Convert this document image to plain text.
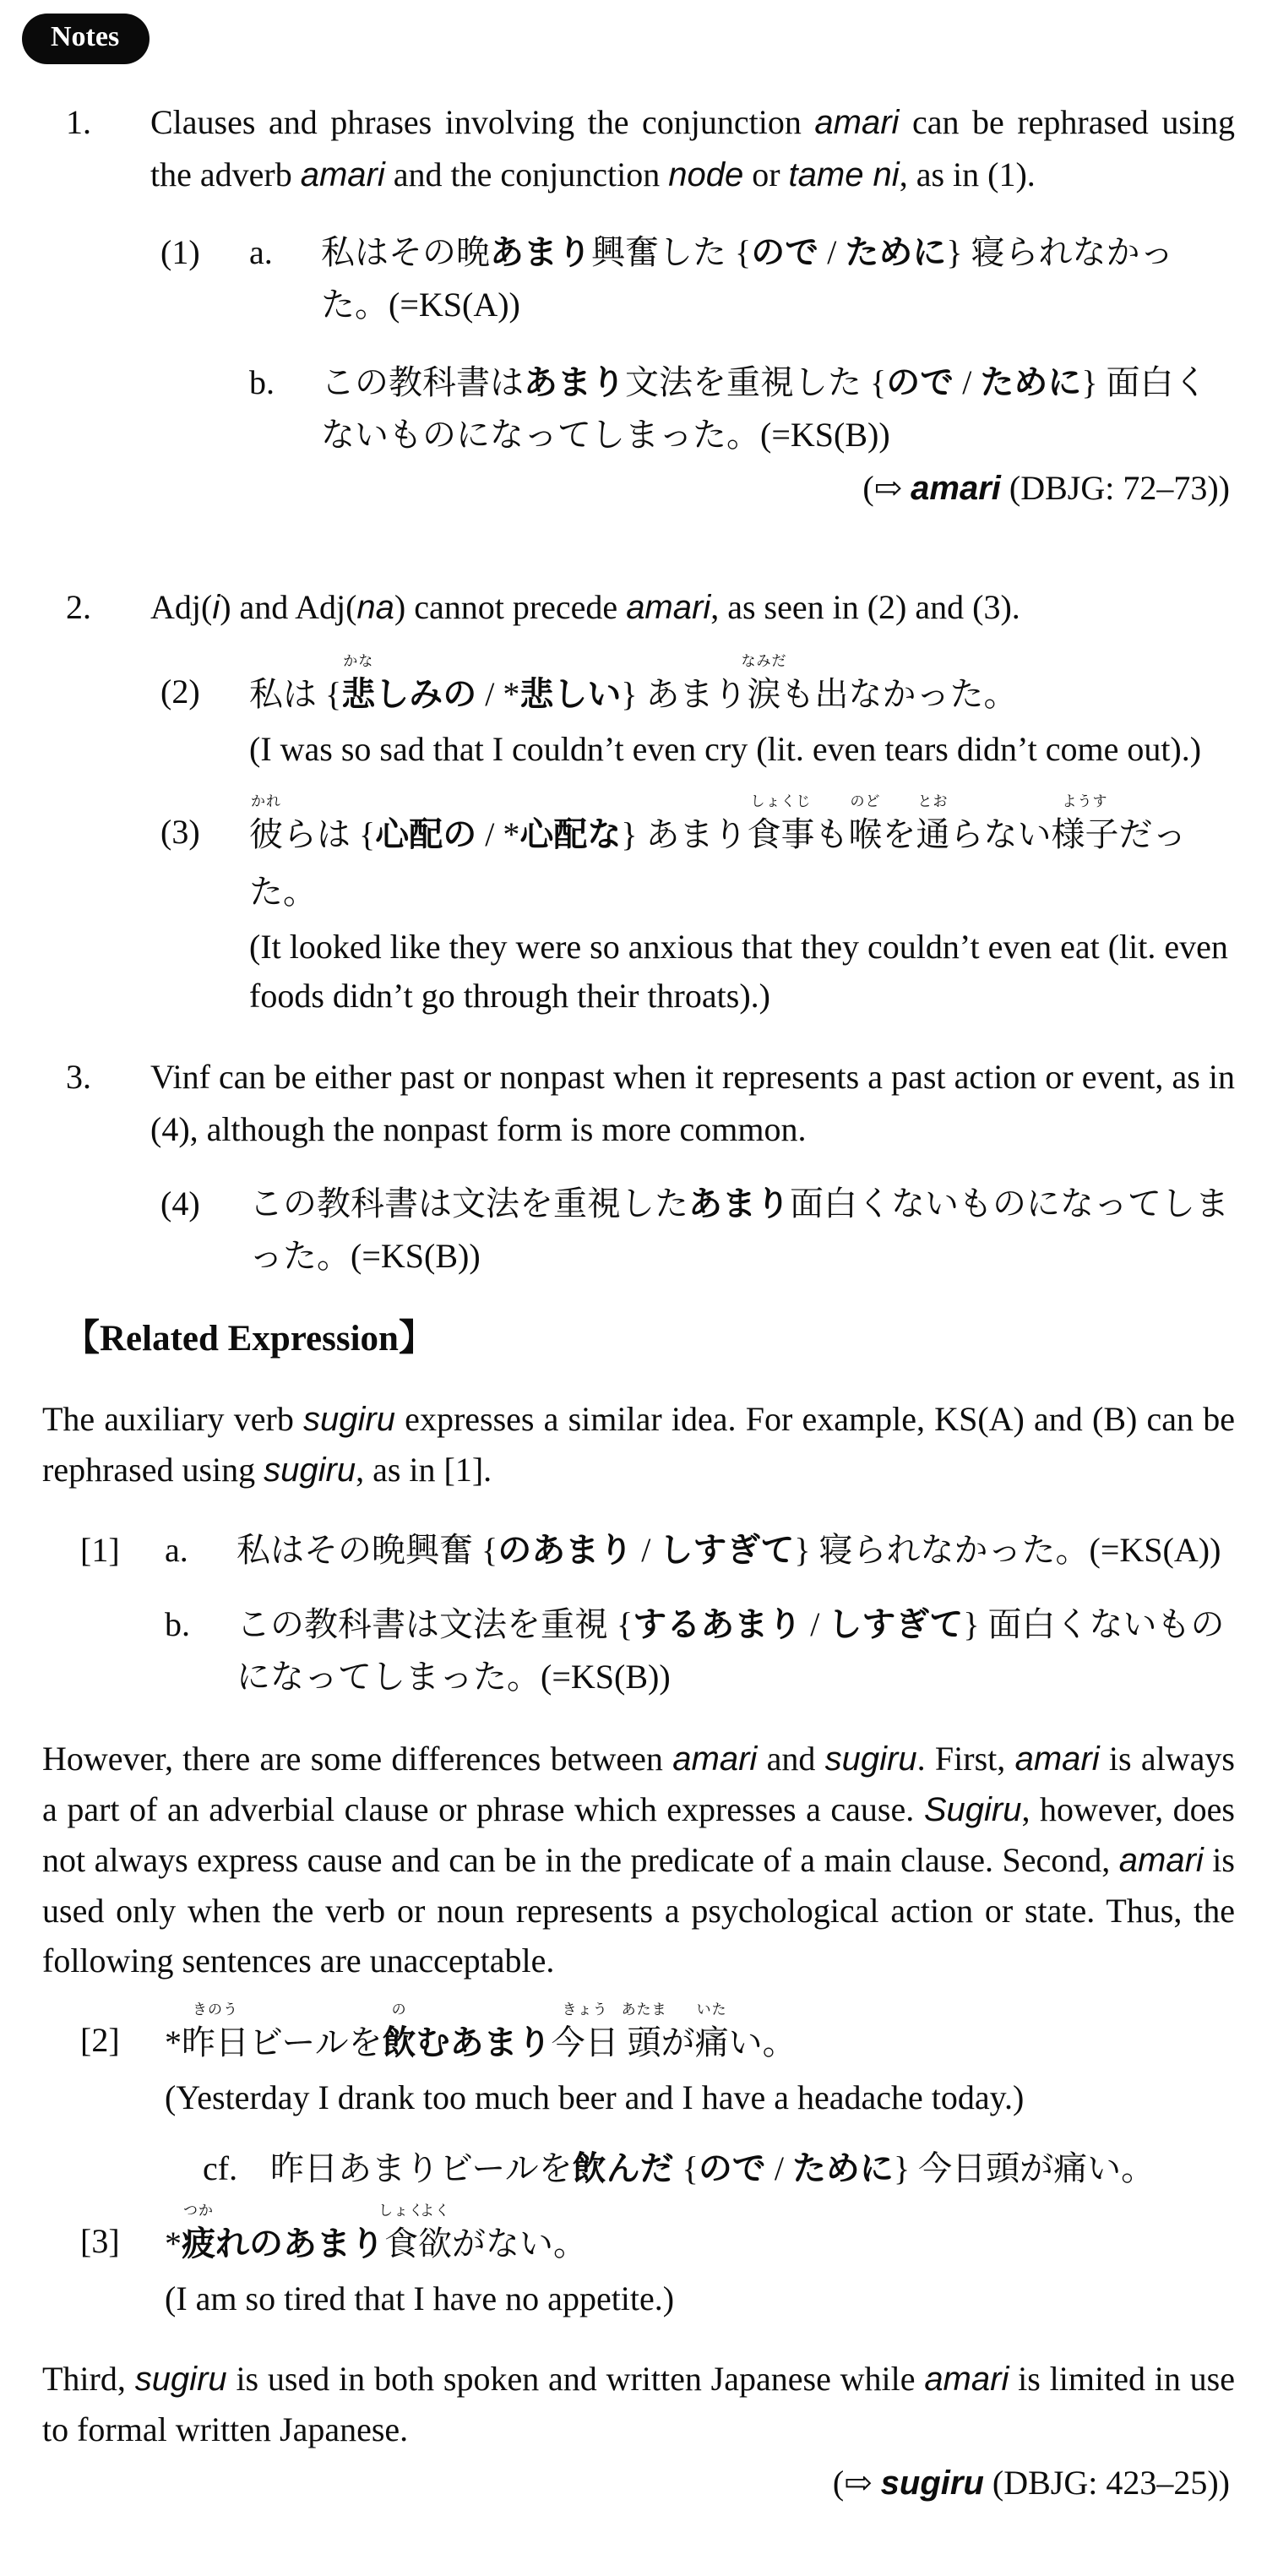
Notes
1.	Clauses and phrases involving the conjunction amari can be rephrased using the adverb amari and the conjunction node or tame ni, as in (1).

(1)	a.	私はその晩あまり興奮した {ので / ために} 寝られなかった。(=KS(A))

b.	この教科書はあまり文法を重視した {ので / ために} 面白くないものになってしまった。(=KS(B))

(⇨ amari (DBJG: 72–73))

2.	Adj(i) and Adj(na) cannot precede amari, as seen in (2) and (3).

(2)	私は {
かな
悲しみの / *悲しい} あまり
なみだ
涙も出なかった。

(I was so sad that I couldn’t even cry (lit. even tears didn’t come out).)

(3)

かれ
彼らは {心配の / *心配な} あまり
しょくじ
食事も
のど
喉を
とお
通らない
ようす
様子だった。

(It looked like they were so anxious that they couldn’t even eat (lit. even foods didn’t go through their throats).)

3.	Vinf can be either past or nonpast when it represents a past action or event, as in (4), although the nonpast form is more common.

(4)	この教科書は文法を重視したあまり面白くないものになってしまった。(=KS(B))

【Related Expression】

The auxiliary verb sugiru expresses a similar idea. For example, KS(A) and (B) can be rephrased using sugiru, as in [1].

[1]	a.	私はその晩興奮 {のあまり / しすぎて} 寝られなかった。(=KS(A))

b.	この教科書は文法を重視 {するあまり / しすぎて} 面白くないものになってしまった。(=KS(B))

However, there are some differences between amari and sugiru. First, amari is always a part of an adverbial clause or phrase which expresses a cause. Sugiru, however, does not always express cause and can be in the predicate of a main clause. Second, amari is used only when the verb or noun represents a psychological action or state. Thus, the following sentences are unacceptable.

[2]	*
きのう
昨日ビールを
の
飲むあまり
きょう
今日
あたま
頭が
いた
痛い。

(Yesterday I drank too much beer and I have a headache today.)

cf. 昨日あまりビールを飲んだ {ので / ために} 今日頭が痛い。

[3]	*
つか
疲れのあまり
しょく
食
よく
欲がない。

(I am so tired that I have no appetite.)

Third, sugiru is used in both spoken and written Japanese while amari is limited in use to formal written Japanese.

(⇨ sugiru (DBJG: 423–25))
